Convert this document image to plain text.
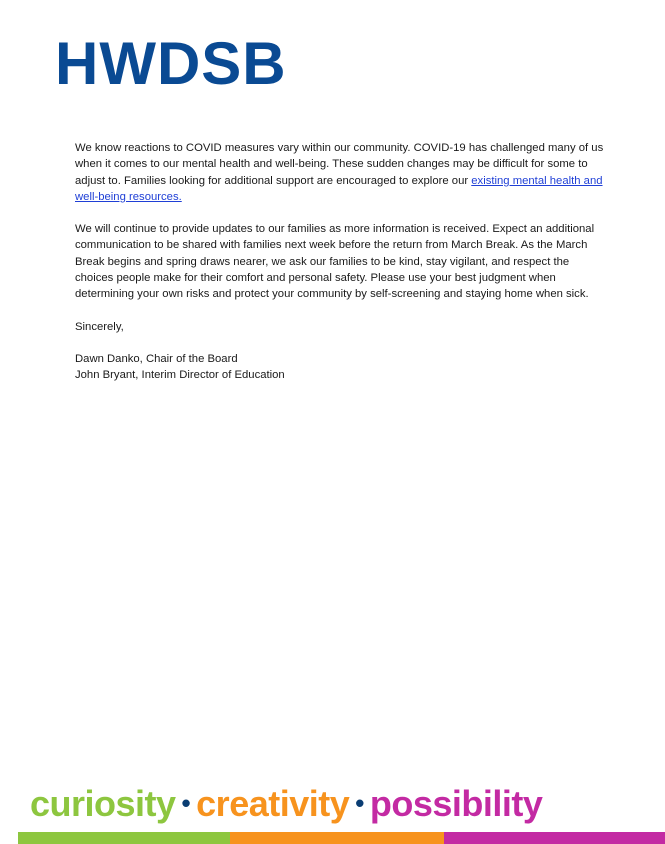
HWDSB

We know reactions to COVID measures vary within our community. COVID-19 has challenged many of us when it comes to our mental health and well-being. These sudden changes may be difficult for some to adjust to. Families looking for additional support are encouraged to explore our existing mental health and well-being resources.

We will continue to provide updates to our families as more information is received. Expect an additional communication to be shared with families next week before the return from March Break. As the March Break begins and spring draws nearer, we ask our families to be kind, stay vigilant, and respect the choices people make for their comfort and personal safety. Please use your best judgment when determining your own risks and protect your community by self-screening and staying home when sick.

Sincerely,

Dawn Danko, Chair of the Board

John Bryant, Interim Director of Education

curiosity • creativity • possibility
